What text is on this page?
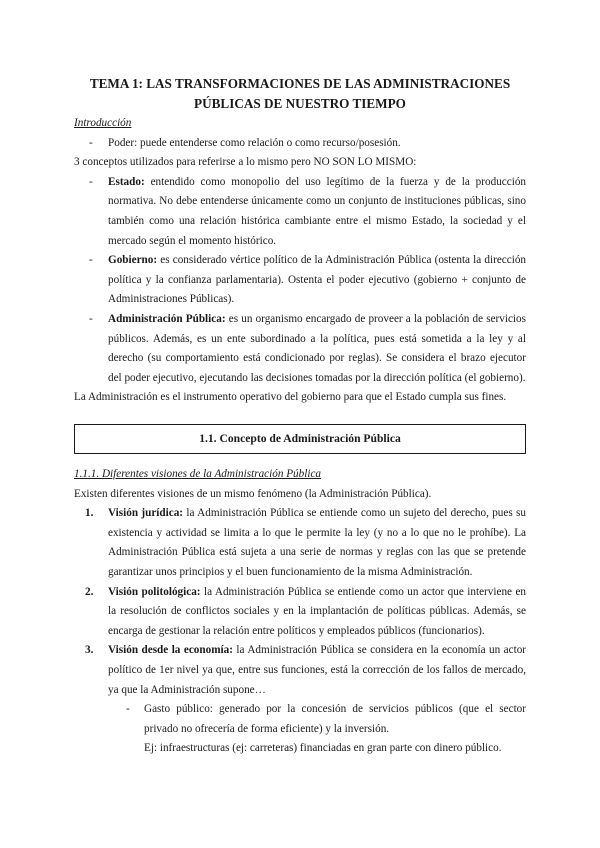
TEMA 1: LAS TRANSFORMACIONES DE LAS ADMINISTRACIONES
PÚBLICAS DE NUESTRO TIEMPO
Introducción
- Poder: puede entenderse como relación o como recurso/posesión.
3 conceptos utilizados para referirse a lo mismo pero NO SON LO MISMO:
- Estado: entendido como monopolio del uso legítimo de la fuerza y de la producción normativa. No debe entenderse únicamente como un conjunto de instituciones públicas, sino también como una relación histórica cambiante entre el mismo Estado, la sociedad y el mercado según el momento histórico.
- Gobierno: es considerado vértice político de la Administración Pública (ostenta la dirección política y la confianza parlamentaria). Ostenta el poder ejecutivo (gobierno + conjunto de Administraciones Públicas).
- Administración Pública: es un organismo encargado de proveer a la población de servicios públicos. Además, es un ente subordinado a la política, pues está sometida a la ley y al derecho (su comportamiento está condicionado por reglas). Se considera el brazo ejecutor del poder ejecutivo, ejecutando las decisiones tomadas por la dirección política (el gobierno).
La Administración es el instrumento operativo del gobierno para que el Estado cumpla sus fines.
1.1. Concepto de Administración Pública
1.1.1. Diferentes visiones de la Administración Pública
Existen diferentes visiones de un mismo fenómeno (la Administración Pública).
1. Visión jurídica: la Administración Pública se entiende como un sujeto del derecho, pues su existencia y actividad se limita a lo que le permite la ley (y no a lo que no le prohíbe). La Administración Pública está sujeta a una serie de normas y reglas con las que se pretende garantizar unos principios y el buen funcionamiento de la misma Administración.
2. Visión politológica: la Administración Pública se entiende como un actor que interviene en la resolución de conflictos sociales y en la implantación de políticas públicas. Además, se encarga de gestionar la relación entre políticos y empleados públicos (funcionarios).
3. Visión desde la economía: la Administración Pública se considera en la economía un actor político de 1er nivel ya que, entre sus funciones, está la corrección de los fallos de mercado, ya que la Administración supone…
- Gasto público: generado por la concesión de servicios públicos (que el sector privado no ofrecería de forma eficiente) y la inversión.
Ej: infraestructuras (ej: carreteras) financiadas en gran parte con dinero público.
